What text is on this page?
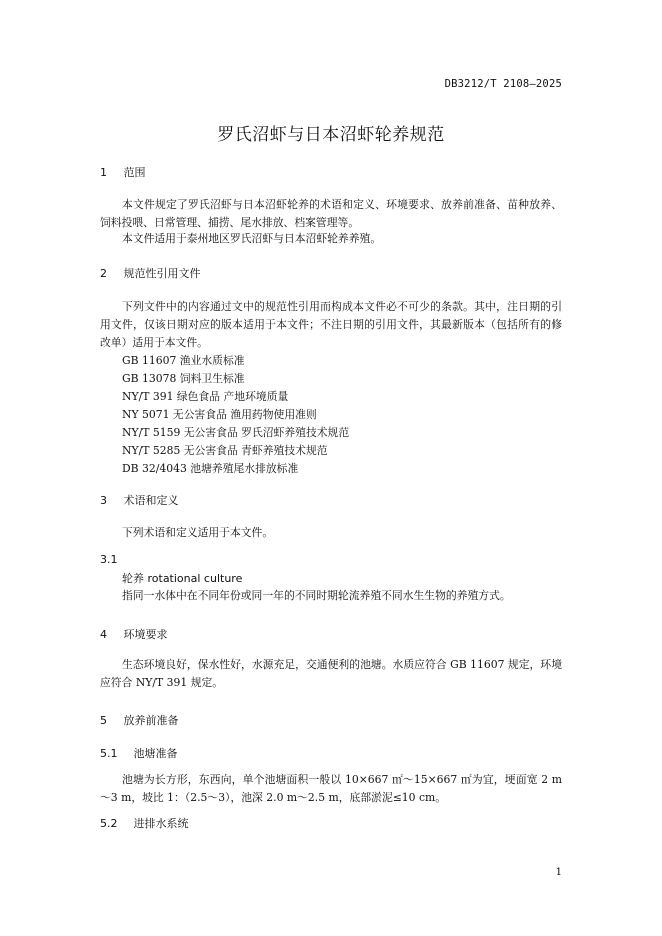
DB3212/T 2108—2025
罗氏沼虾与日本沼虾轮养规范
1 范围
本文件规定了罗氏沼虾与日本沼虾轮养的术语和定义、环境要求、放养前准备、苗种放养、饲料投喂、日常管理、捕捞、尾水排放、档案管理等。
本文件适用于泰州地区罗氏沼虾与日本沼虾轮养养殖。
2 规范性引用文件
下列文件中的内容通过文中的规范性引用而构成本文件必不可少的条款。其中，注日期的引用文件，仅该日期对应的版本适用于本文件；不注日期的引用文件，其最新版本（包括所有的修改单）适用于本文件。
GB 11607 渔业水质标准
GB 13078 饲料卫生标准
NY/T 391 绿色食品 产地环境质量
NY 5071 无公害食品 渔用药物使用准则
NY/T 5159 无公害食品 罗氏沼虾养殖技术规范
NY/T 5285 无公害食品 青虾养殖技术规范
DB 32/4043 池塘养殖尾水排放标准
3 术语和定义
下列术语和定义适用于本文件。
3.1
轮养 rotational culture
指同一水体中在不同年份或同一年的不同时期轮流养殖不同水生生物的养殖方式。
4 环境要求
生态环境良好，保水性好，水源充足，交通便利的池塘。水质应符合 GB 11607 规定，环境应符合 NY/T 391 规定。
5 放养前准备
5.1 池塘准备
池塘为长方形，东西向，单个池塘面积一般以 10×667 ㎡～15×667 ㎡为宜，埂面宽 2 m～3 m，坡比 1：（2.5～3），池深 2.0 m～2.5 m，底部淤泥≤10 cm。
5.2 进排水系统
1
